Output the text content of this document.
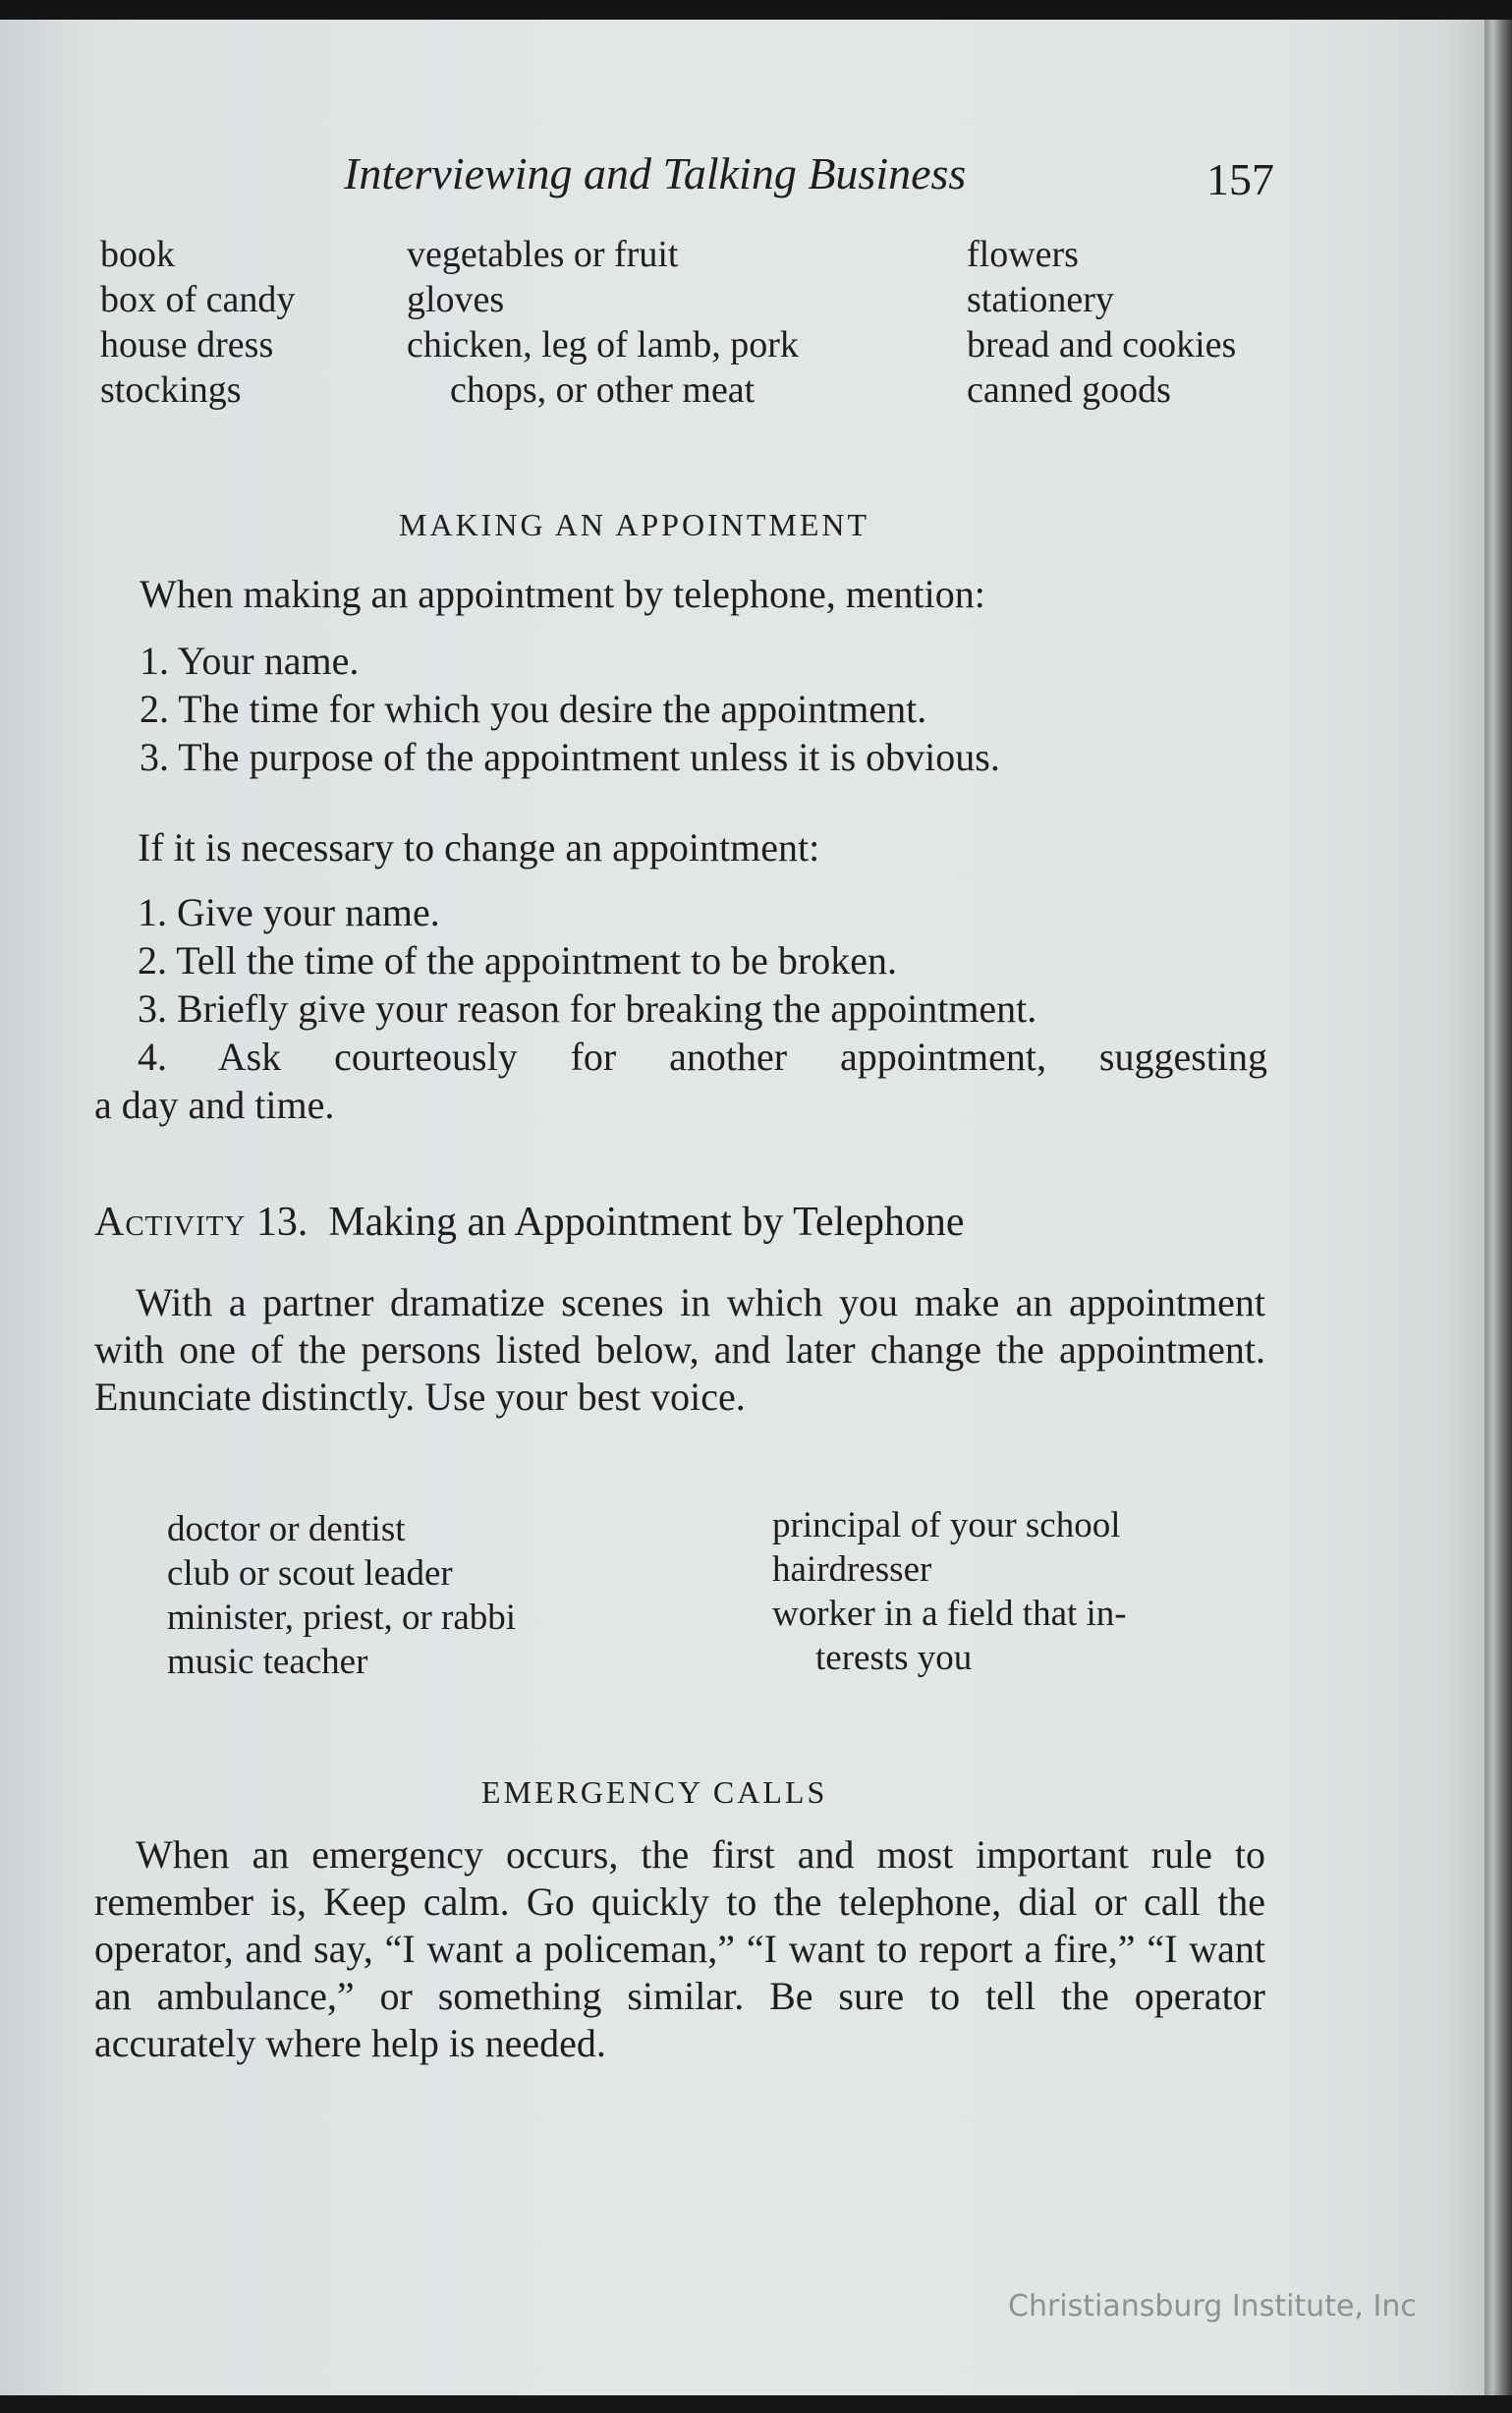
Interviewing and Talking Business	157
book
box of candy
house dress
stockings
vegetables or fruit
gloves
chicken, leg of lamb, pork
chops, or other meat
flowers
stationery
bread and cookies
canned goods
MAKING AN APPOINTMENT
When making an appointment by telephone, mention:
1. Your name.
2. The time for which you desire the appointment.
3. The purpose of the appointment unless it is obvious.
If it is necessary to change an appointment:
1. Give your name.
2. Tell the time of the appointment to be broken.
3. Briefly give your reason for breaking the appointment.
4. Ask courteously for another appointment, suggesting
a day and time.
Activity 13. Making an Appointment by Telephone
With a partner dramatize scenes in which you make an appointment with one of the persons listed below, and later change the appointment. Enunciate distinctly. Use your best voice.
doctor or dentist
club or scout leader
minister, priest, or rabbi
music teacher
principal of your school
hairdresser
worker in a field that in-
terests you
EMERGENCY CALLS
When an emergency occurs, the first and most important rule to remember is, Keep calm. Go quickly to the telephone, dial or call the operator, and say, “I want a policeman,” “I want to report a fire,” “I want an ambulance,” or something similar. Be sure to tell the operator accurately where help is needed.
Christiansburg Institute, Inc
